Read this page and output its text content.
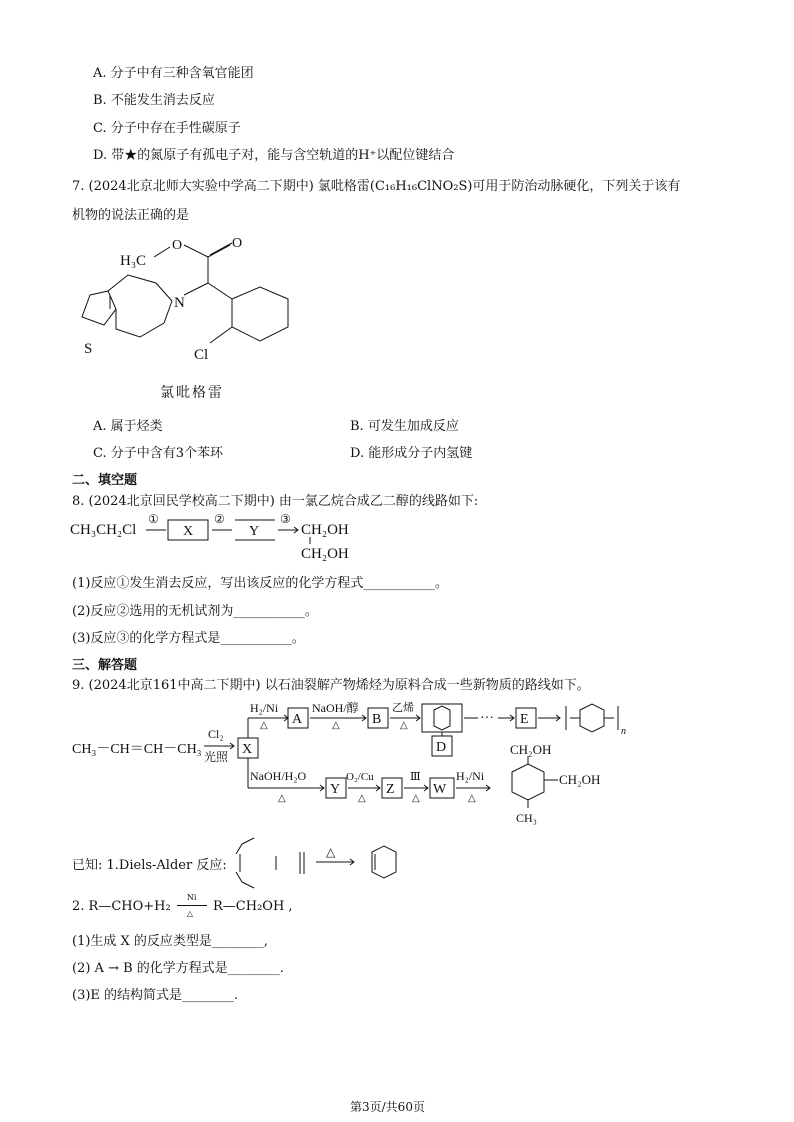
A. 分子中有三种含氧官能团
B. 不能发生消去反应
C. 分子中存在手性碳原子
D. 带★的氮原子有孤电子对，能与含空轨道的H⁺以配位键结合
7. (2024北京北师大实验中学高二下期中) 氯吡格雷(C₁₆H₁₆ClNO₂S)可用于防治动脉硬化，下列关于该有
机物的说法正确的是
H₃C
O	O
N
S	Cl
氯吡格雷
A. 属于烃类	B. 可发生加成反应
C. 分子中含有3个苯环	D. 能形成分子内氢键
二、填空题
8. (2024北京回民学校高二下期中) 由一氯乙烷合成乙二醇的线路如下:
CH₃CH₂Cl
①
X
②
Y
③
CH₂OH
CH₂OH
(1)反应①发生消去反应，写出该反应的化学方程式___________。
(2)反应②选用的无机试剂为___________。
(3)反应③的化学方程式是___________。
三、解答题
9. (2024北京161中高二下期中) 以石油裂解产物烯烃为原料合成一些新物质的路线如下。
CH₃－CH＝CH－CH₃
Cl₂
光照 X
H₂/Ni
△ A
NaOH/醇
△ B
乙烯
△
D
··· E
n
NaOH/H₂O
△
Y
O₂/Cu
△
Z
Ⅲ
△
W
H₂/Ni
△
CH₂OH
CH₂OH
CH₃
已知: 1.Diels-Alder 反应:
△
2. R—CHO+H₂
Ni
△ R—CH₂OH ,
(1)生成 X 的反应类型是________,
(2) A → B 的化学方程式是________.
(3)E 的结构简式是________.
第3页/共60页
